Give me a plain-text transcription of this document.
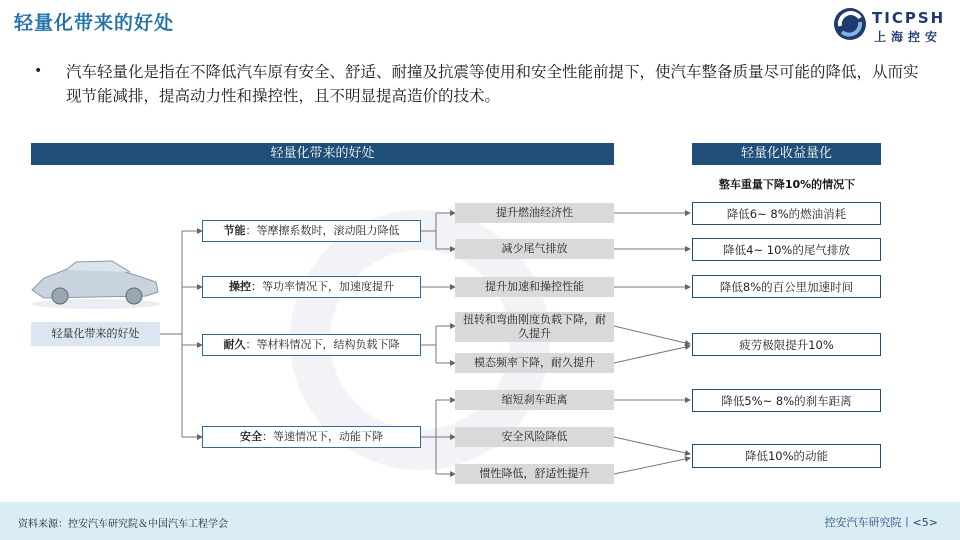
轻量化带来的好处	TICPSH
上海控安
• 汽车轻量化是指在不降低汽车原有安全、舒适、耐撞及抗震等使用和安全性能前提下，使汽车整备质量尽可能的降低，从而实现节能减排，提高动力性和操控性，且不明显提高造价的技术。
轻量化带来的好处	轻量化收益量化
整车重量下降10%的情况下
轻量化带来的好处
节能 ：等摩擦系数时，滚动阻力降低
操控 ：等功率情况下，加速度提升
耐久 ：等材料情况下，结构负载下降
安全 ：等速情况下，动能下降
提升燃油经济性
减少尾气排放
提升加速和操控性能
扭转和弯曲刚度负载下降，耐久提升
模态频率下降，耐久提升
缩短刹车距离
安全风险降低
惯性降低，舒适性提升
降低6~ 8%的燃油消耗
降低4~ 10%的尾气排放
降低8%的百公里加速时间
疲劳极限提升10%
降低5%~ 8%的刹车距离
降低10%的动能
资料来源：控安汽车研究院＆中国汽车工程学会	控安汽车研究院丨<5>
